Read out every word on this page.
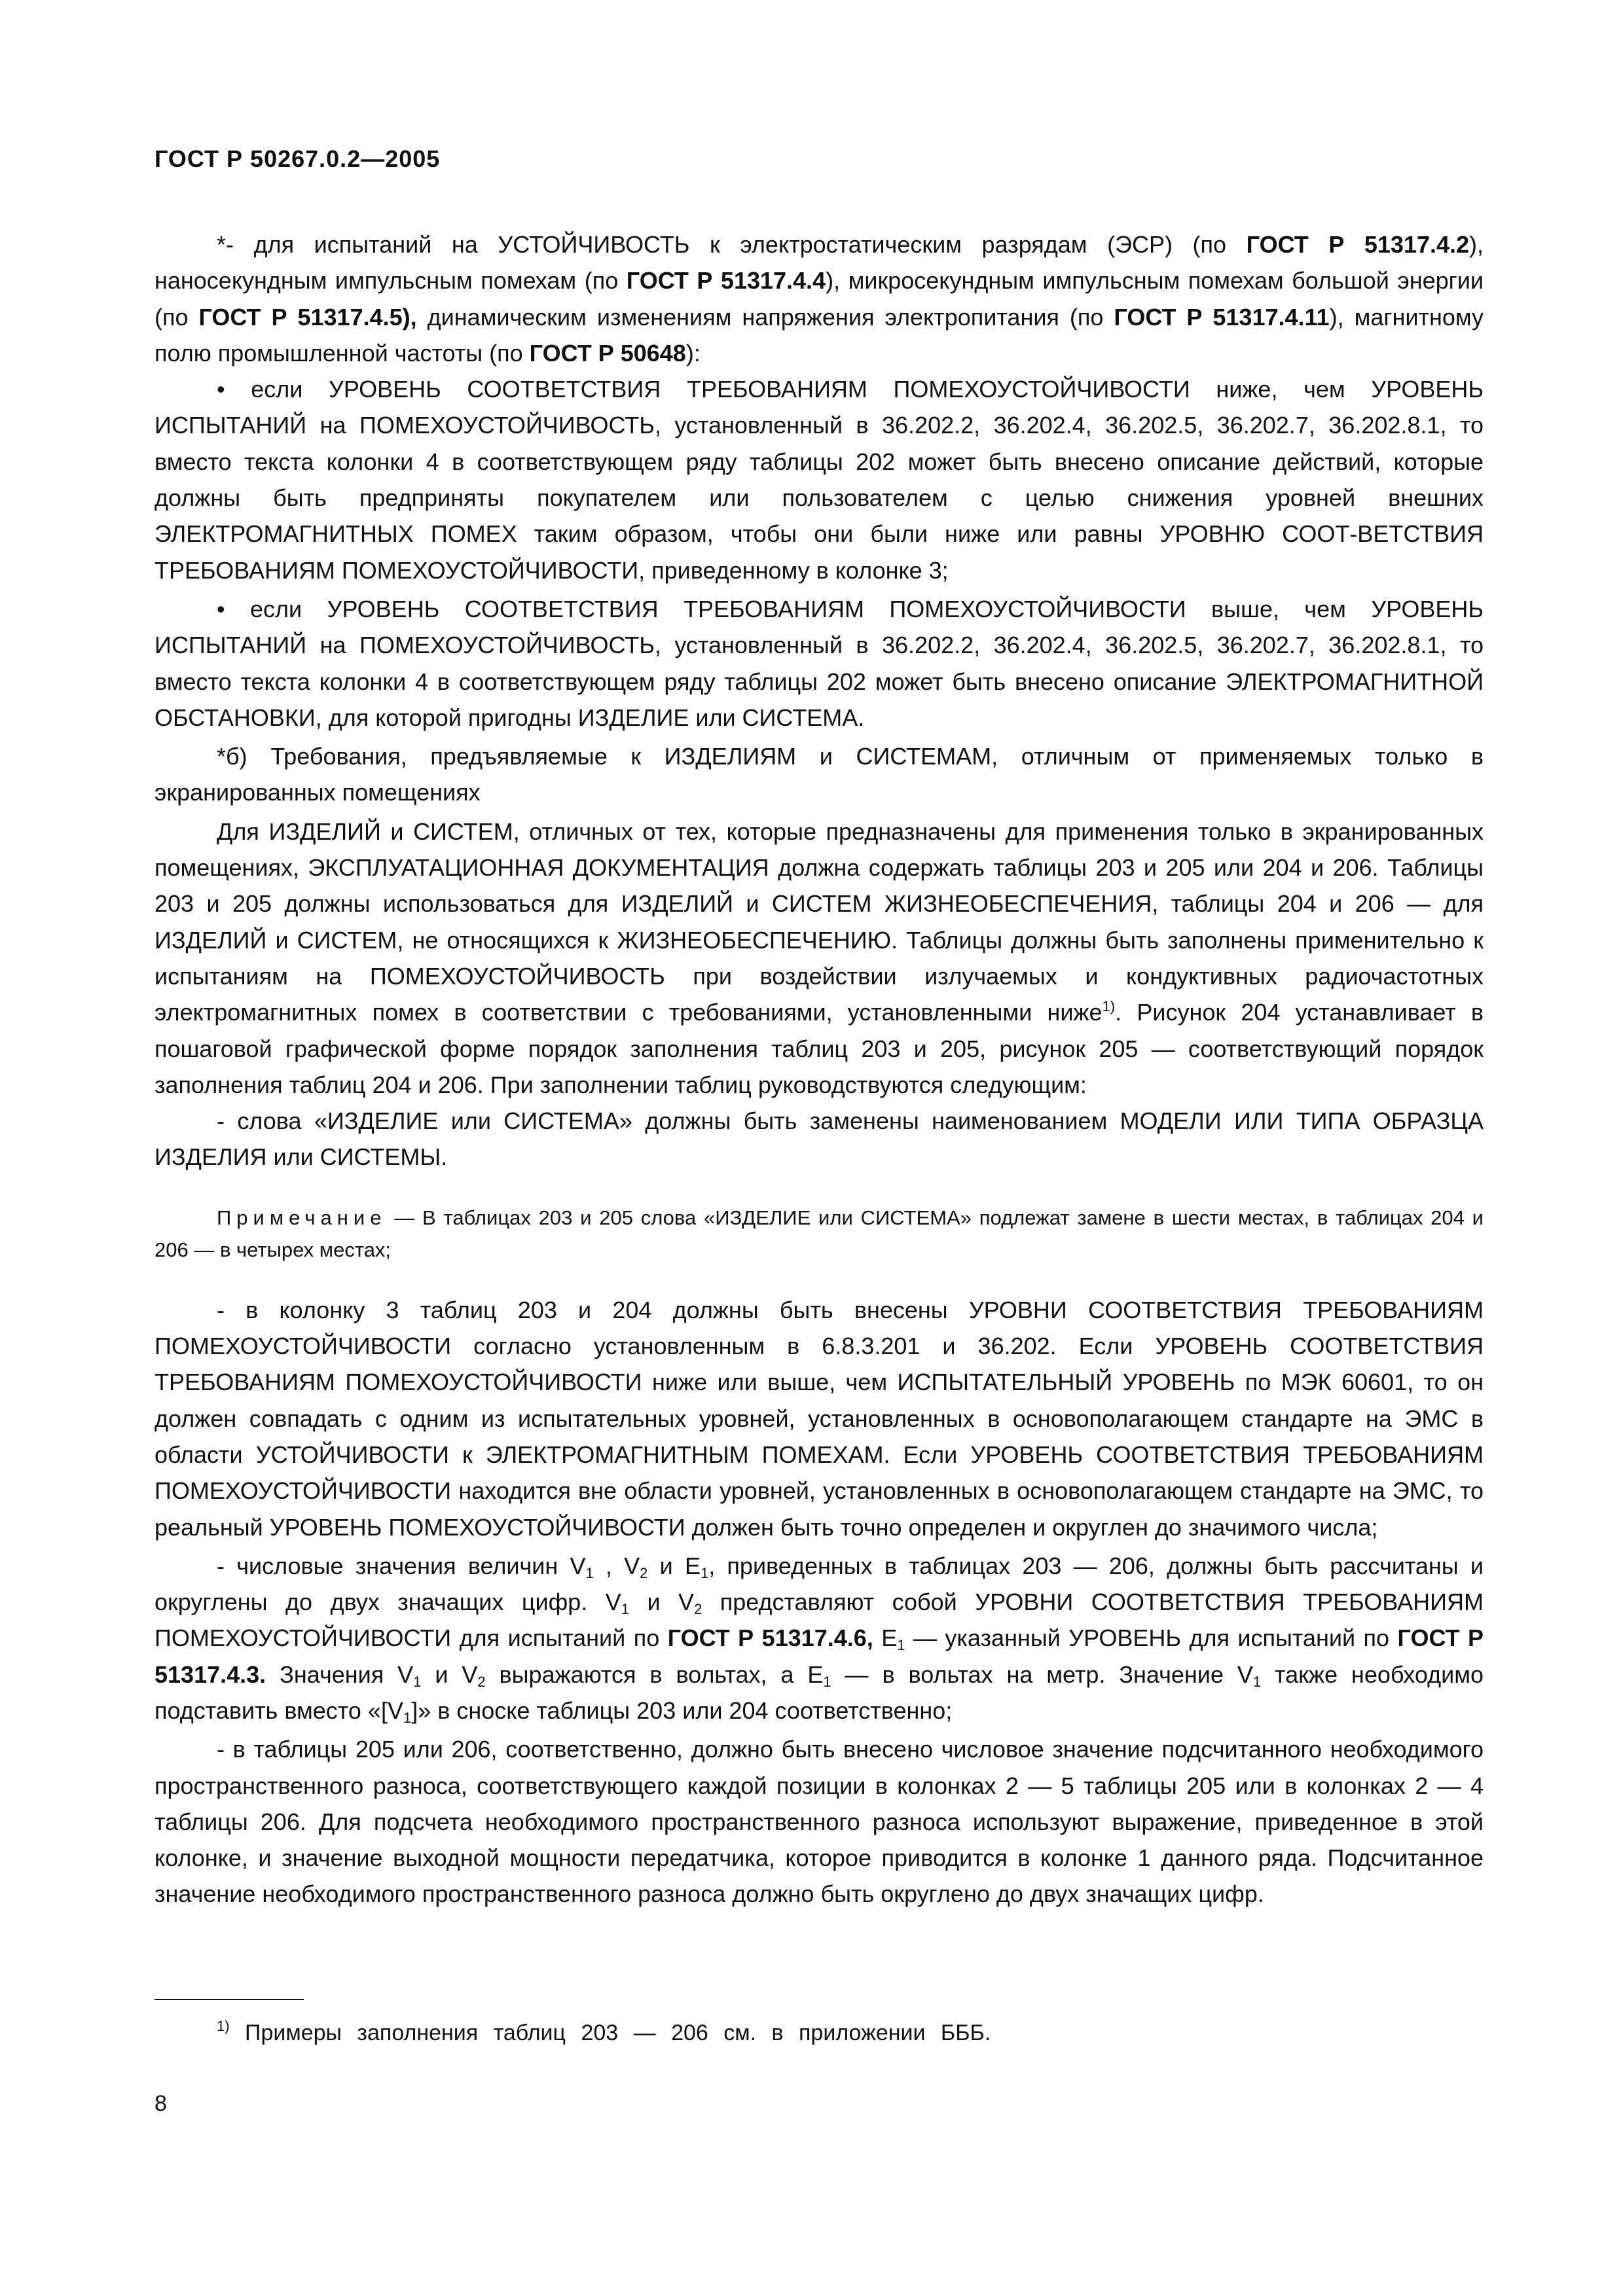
ГОСТ Р 50267.0.2—2005

*- для испытаний на УСТОЙЧИВОСТЬ к электростатическим разрядам (ЭСР) (по ГОСТ Р 51317.4.2), наносекундным импульсным помехам (по ГОСТ Р 51317.4.4), микросекундным импульсным помехам большой энергии (по ГОСТ Р 51317.4.5), динамическим изменениям напряжения электропитания (по ГОСТ Р 51317.4.11), магнитному полю промышленной частоты (по ГОСТ Р 50648):

• если УРОВЕНЬ СООТВЕТСТВИЯ ТРЕБОВАНИЯМ ПОМЕХОУСТОЙЧИВОСТИ ниже, чем УРОВЕНЬ ИСПЫТАНИЙ на ПОМЕХОУСТОЙЧИВОСТЬ, установленный в 36.202.2, 36.202.4, 36.202.5, 36.202.7, 36.202.8.1, то вместо текста колонки 4 в соответствующем ряду таблицы 202 может быть внесено описание действий, которые должны быть предприняты покупателем или пользователем с целью снижения уровней внешних ЭЛЕКТРОМАГНИТНЫХ ПОМЕХ таким образом, чтобы они были ниже или равны УРОВНЮ СООТ-ВЕТСТВИЯ ТРЕБОВАНИЯМ ПОМЕХОУСТОЙЧИВОСТИ, приведенному в колонке 3;

• если УРОВЕНЬ СООТВЕТСТВИЯ ТРЕБОВАНИЯМ ПОМЕХОУСТОЙЧИВОСТИ выше, чем УРОВЕНЬ ИСПЫТАНИЙ на ПОМЕХОУСТОЙЧИВОСТЬ, установленный в 36.202.2, 36.202.4, 36.202.5, 36.202.7, 36.202.8.1, то вместо текста колонки 4 в соответствующем ряду таблицы 202 может быть внесено описание ЭЛЕКТРОМАГНИТНОЙ ОБСТАНОВКИ, для которой пригодны ИЗДЕЛИЕ или СИСТЕМА.

*б) Требования, предъявляемые к ИЗДЕЛИЯМ и СИСТЕМАМ, отличным от применяемых только в экранированных помещениях

Для ИЗДЕЛИЙ и СИСТЕМ, отличных от тех, которые предназначены для применения только в экранированных помещениях, ЭКСПЛУАТАЦИОННАЯ ДОКУМЕНТАЦИЯ должна содержать таблицы 203 и 205 или 204 и 206. Таблицы 203 и 205 должны использоваться для ИЗДЕЛИЙ и СИСТЕМ ЖИЗНЕОБЕСПЕЧЕНИЯ, таблицы 204 и 206 — для ИЗДЕЛИЙ и СИСТЕМ, не относящихся к ЖИЗНЕОБЕСПЕЧЕНИЮ. Таблицы должны быть заполнены применительно к испытаниям на ПОМЕХОУСТОЙЧИВОСТЬ при воздействии излучаемых и кондуктивных радиочастотных электромагнитных помех в соответствии с требованиями, установленными ниже$^{1)}$. Рисунок 204 устанавливает в пошаговой графической форме порядок заполнения таблиц 203 и 205, рисунок 205 — соответствующий порядок заполнения таблиц 204 и 206. При заполнении таблиц руководствуются следующим:

- слова «ИЗДЕЛИЕ или СИСТЕМА» должны быть заменены наименованием МОДЕЛИ ИЛИ ТИПА ОБРАЗЦА ИЗДЕЛИЯ или СИСТЕМЫ.

Примечание — В таблицах 203 и 205 слова «ИЗДЕЛИЕ или СИСТЕМА» подлежат замене в шести местах, в таблицах 204 и 206 — в четырех местах;

- в колонку 3 таблиц 203 и 204 должны быть внесены УРОВНИ СООТВЕТСТВИЯ ТРЕБОВАНИЯМ ПОМЕХОУСТОЙЧИВОСТИ согласно установленным в 6.8.3.201 и 36.202. Если УРОВЕНЬ СООТВЕТСТВИЯ ТРЕБОВАНИЯМ ПОМЕХОУСТОЙЧИВОСТИ ниже или выше, чем ИСПЫТАТЕЛЬНЫЙ УРОВЕНЬ по МЭК 60601, то он должен совпадать с одним из испытательных уровней, установленных в основополагающем стандарте на ЭМС в области УСТОЙЧИВОСТИ к ЭЛЕКТРОМАГНИТНЫМ ПОМЕХАМ. Если УРОВЕНЬ СООТВЕТСТВИЯ ТРЕБОВАНИЯМ ПОМЕХОУСТОЙЧИВОСТИ находится вне области уровней, установленных в основополагающем стандарте на ЭМС, то реальный УРОВЕНЬ ПОМЕХОУСТОЙЧИВОСТИ должен быть точно определен и округлен до значимого числа;

- числовые значения величин $V_1$ , $V_2$ и $E_1$, приведенных в таблицах 203 — 206, должны быть рассчитаны и округлены до двух значащих цифр. $V_1$ и $V_2$ представляют собой УРОВНИ СООТВЕТСТВИЯ ТРЕБОВАНИЯМ ПОМЕХОУСТОЙЧИВОСТИ для испытаний по ГОСТ Р 51317.4.6, $E_1$ — указанный УРОВЕНЬ для испытаний по ГОСТ Р 51317.4.3. Значения $V_1$ и $V_2$ выражаются в вольтах, а $E_1$ — в вольтах на метр. Значение $V_1$ также необходимо подставить вместо «$[V_1]$» в сноске таблицы 203 или 204 соответственно;

- в таблицы 205 или 206, соответственно, должно быть внесено числовое значение подсчитанного необходимого пространственного разноса, соответствующего каждой позиции в колонках 2 — 5 таблицы 205 или в колонках 2 — 4 таблицы 206. Для подсчета необходимого пространственного разноса используют выражение, приведенное в этой колонке, и значение выходной мощности передатчика, которое приводится в колонке 1 данного ряда. Подсчитанное значение необходимого пространственного разноса должно быть округлено до двух значащих цифр.

$^{1)}$ Примеры заполнения таблиц 203 — 206 см. в приложении БББ.
8
